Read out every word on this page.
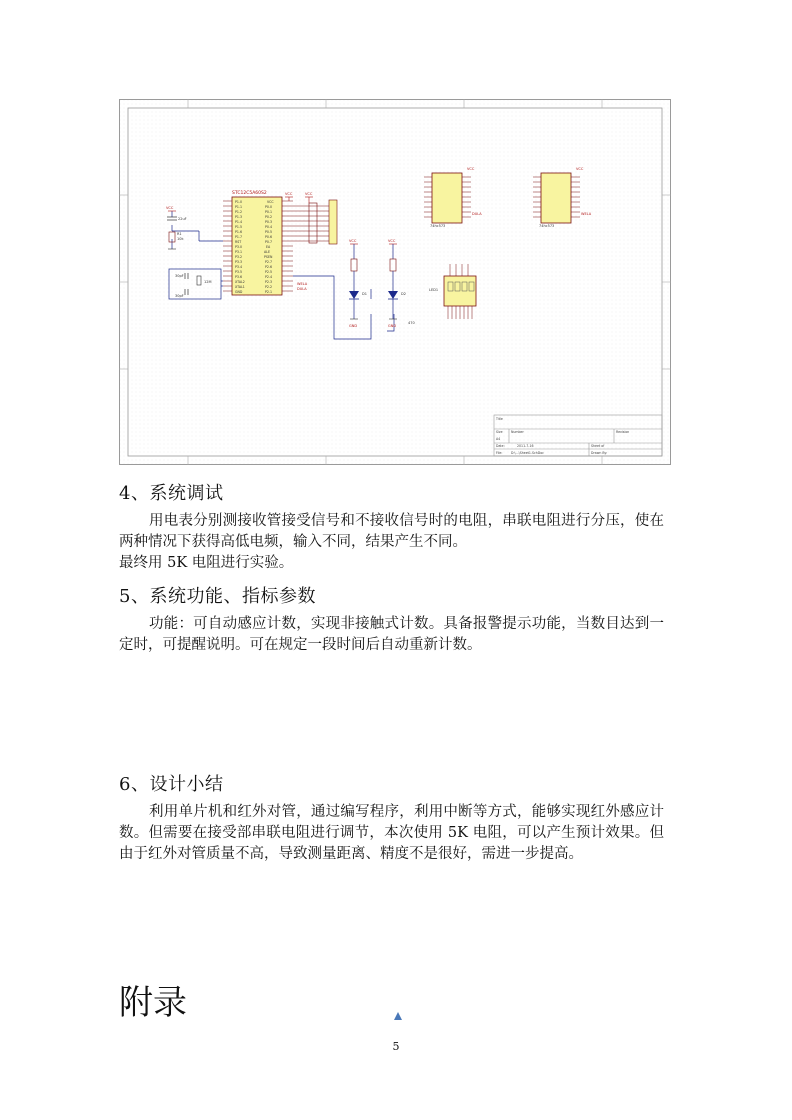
STC12C5A60S2
P1.0
P1.1
P1.2
P1.3
P1.4
P1.5
P1.6
P1.7
RST
P3.0
P3.1
P3.2
P3.3
P3.4
P3.5
P3.6
XTAL2
XTAL1
GND
VCC
P0.0
P0.1
P0.2
P0.3
P0.4
P0.5
P0.6
P0.7
EA
ALE
PSEN
P2.7
P2.6
P2.5
P2.4
P2.3
P2.2
P2.1
VCC	VCC
VCC
22uF
R1
10k
12M
30pF
30pF
WELA
DULA
VCC
D1
GND
VCC
D2
GND
470
74hc573
DULA
VCC
74hc573
WELA
VCC
LED1
Title
Size
A4
Number	Revision
Date:	2011-7-16	Sheet of
File:	D:\...\Sheet1.SchDoc	Drawn By:
4、系统调试

用电表分别测接收管接受信号和不接收信号时的电阻，串联电阻进行分压，使在两种情况下获得高低电频，输入不同，结果产生不同。

最终用 5K 电阻进行实验。

5、系统功能、指标参数

功能：可自动感应计数，实现非接触式计数。具备报警提示功能，当数目达到一定时，可提醒说明。可在规定一段时间后自动重新计数。

6、设计小结

利用单片机和红外对管，通过编写程序，利用中断等方式，能够实现红外感应计数。但需要在接受部串联电阻进行调节，本次使用 5K 电阻，可以产生预计效果。但由于红外对管质量不高，导致测量距离、精度不是很好，需进一步提高。

附录
5
